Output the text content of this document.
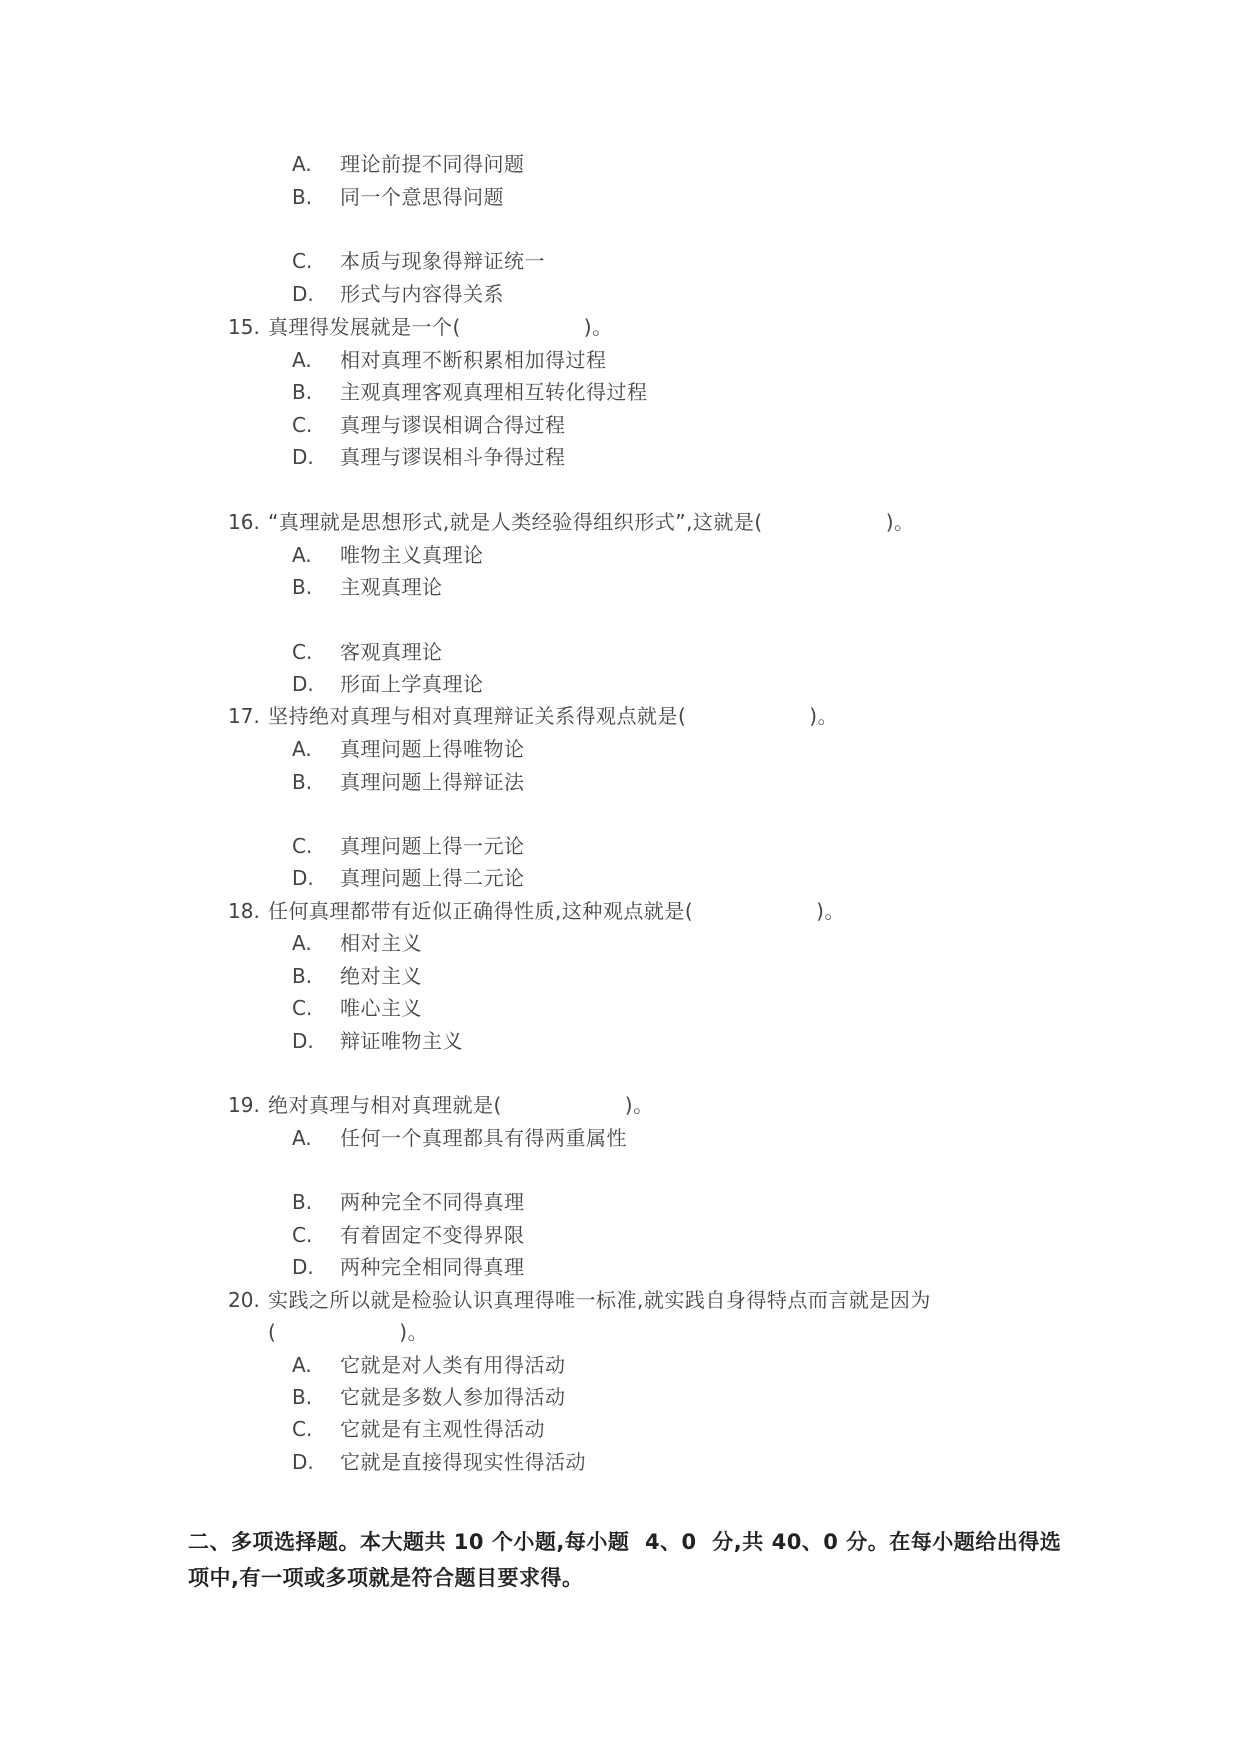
A. 理论前提不同得问题
B. 同一个意思得问题
C. 本质与现象得辩证统一
D. 形式与内容得关系
15. 真理得发展就是一个(　　　　　　)。
A. 相对真理不断积累相加得过程
B. 主观真理客观真理相互转化得过程
C. 真理与谬误相调合得过程
D. 真理与谬误相斗争得过程
16. “真理就是思想形式,就是人类经验得组织形式”,这就是(　　　　　　)。
A. 唯物主义真理论
B. 主观真理论
C. 客观真理论
D. 形面上学真理论
17. 坚持绝对真理与相对真理辩证关系得观点就是(　　　　　　)。
A. 真理问题上得唯物论
B. 真理问题上得辩证法
C. 真理问题上得一元论
D. 真理问题上得二元论
18. 任何真理都带有近似正确得性质,这种观点就是(　　　　　　)。
A. 相对主义
B. 绝对主义
C. 唯心主义
D. 辩证唯物主义
19. 绝对真理与相对真理就是(　　　　　　)。
A. 任何一个真理都具有得两重属性
B. 两种完全不同得真理
C. 有着固定不变得界限
D. 两种完全相同得真理
20. 实践之所以就是检验认识真理得唯一标准,就实践自身得特点而言就是因为
(　　　　　　)。
A. 它就是对人类有用得活动
B. 它就是多数人参加得活动
C. 它就是有主观性得活动
D. 它就是直接得现实性得活动
二、多项选择题。本大题共 10 个小题,每小题  4、0  分,共 40、0 分。在每小题给出得选
项中,有一项或多项就是符合题目要求得。
